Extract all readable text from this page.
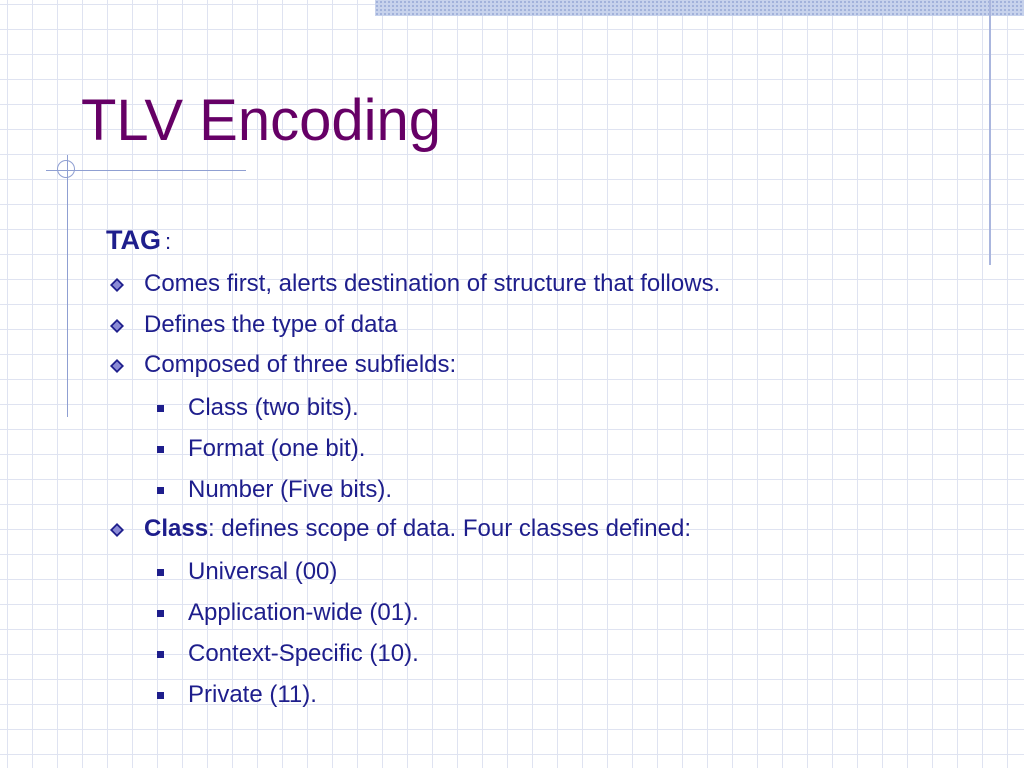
TLV Encoding
TAG :
Comes first, alerts destination of structure that follows.
Defines the type of data
Composed of three subfields:
Class (two bits).
Format (one bit).
Number (Five bits).
Class: defines scope of data. Four classes defined:
Universal (00)
Application-wide (01).
Context-Specific (10).
Private (11).
